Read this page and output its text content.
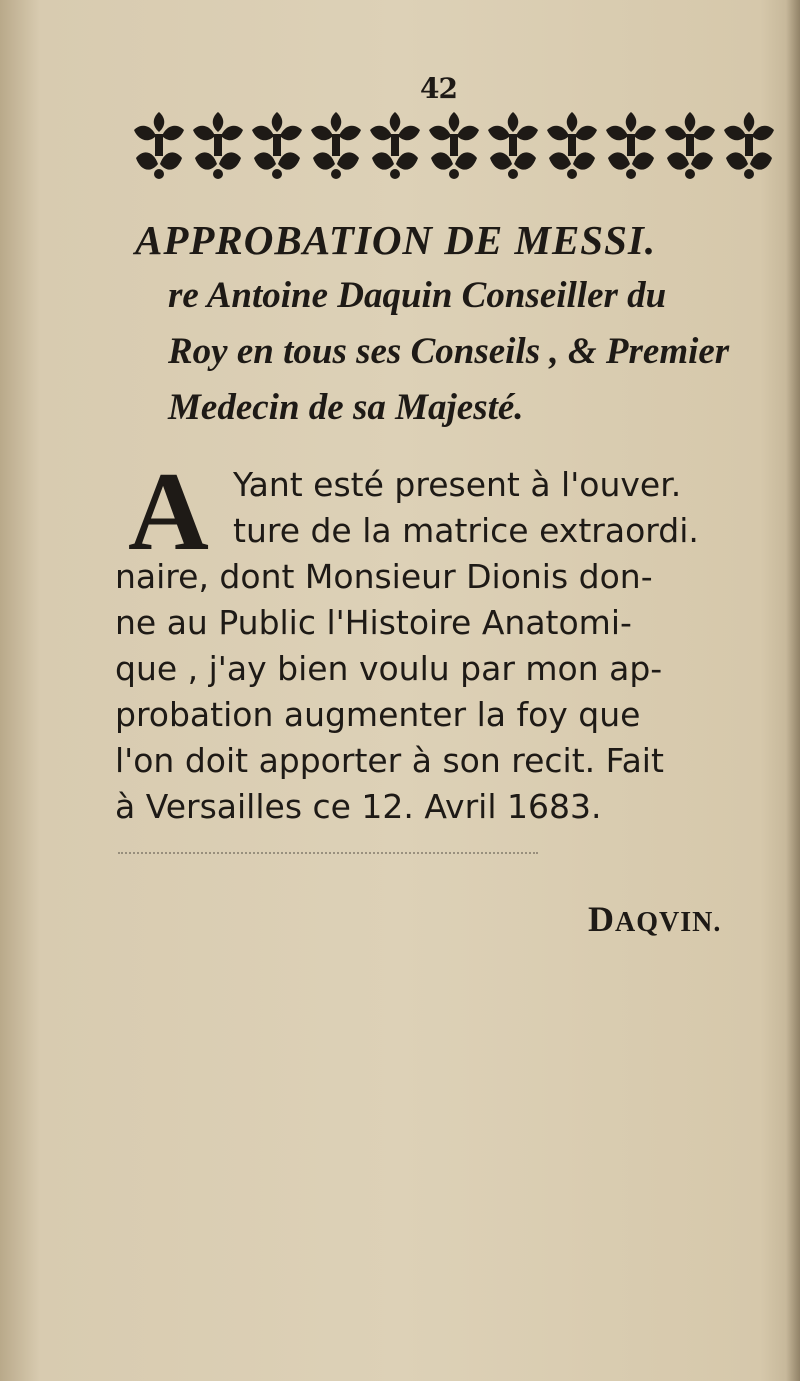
42
APPROBATION DE MESSI.
re Antoine Daquin Conseiller du
Roy en tous ses Conseils , & Premier
Medecin de sa Majesté.
A Yant esté present à l'ouver.
ture de la matrice extraordi.
naire, dont Monsieur Dionis don-
ne au Public l'Histoire Anatomi-
que , j'ay bien voulu par mon ap-
probation augmenter la foy que
l'on doit apporter à son recit. Fait
à Versailles ce 12. Avril 1683.

DAQVIN.
